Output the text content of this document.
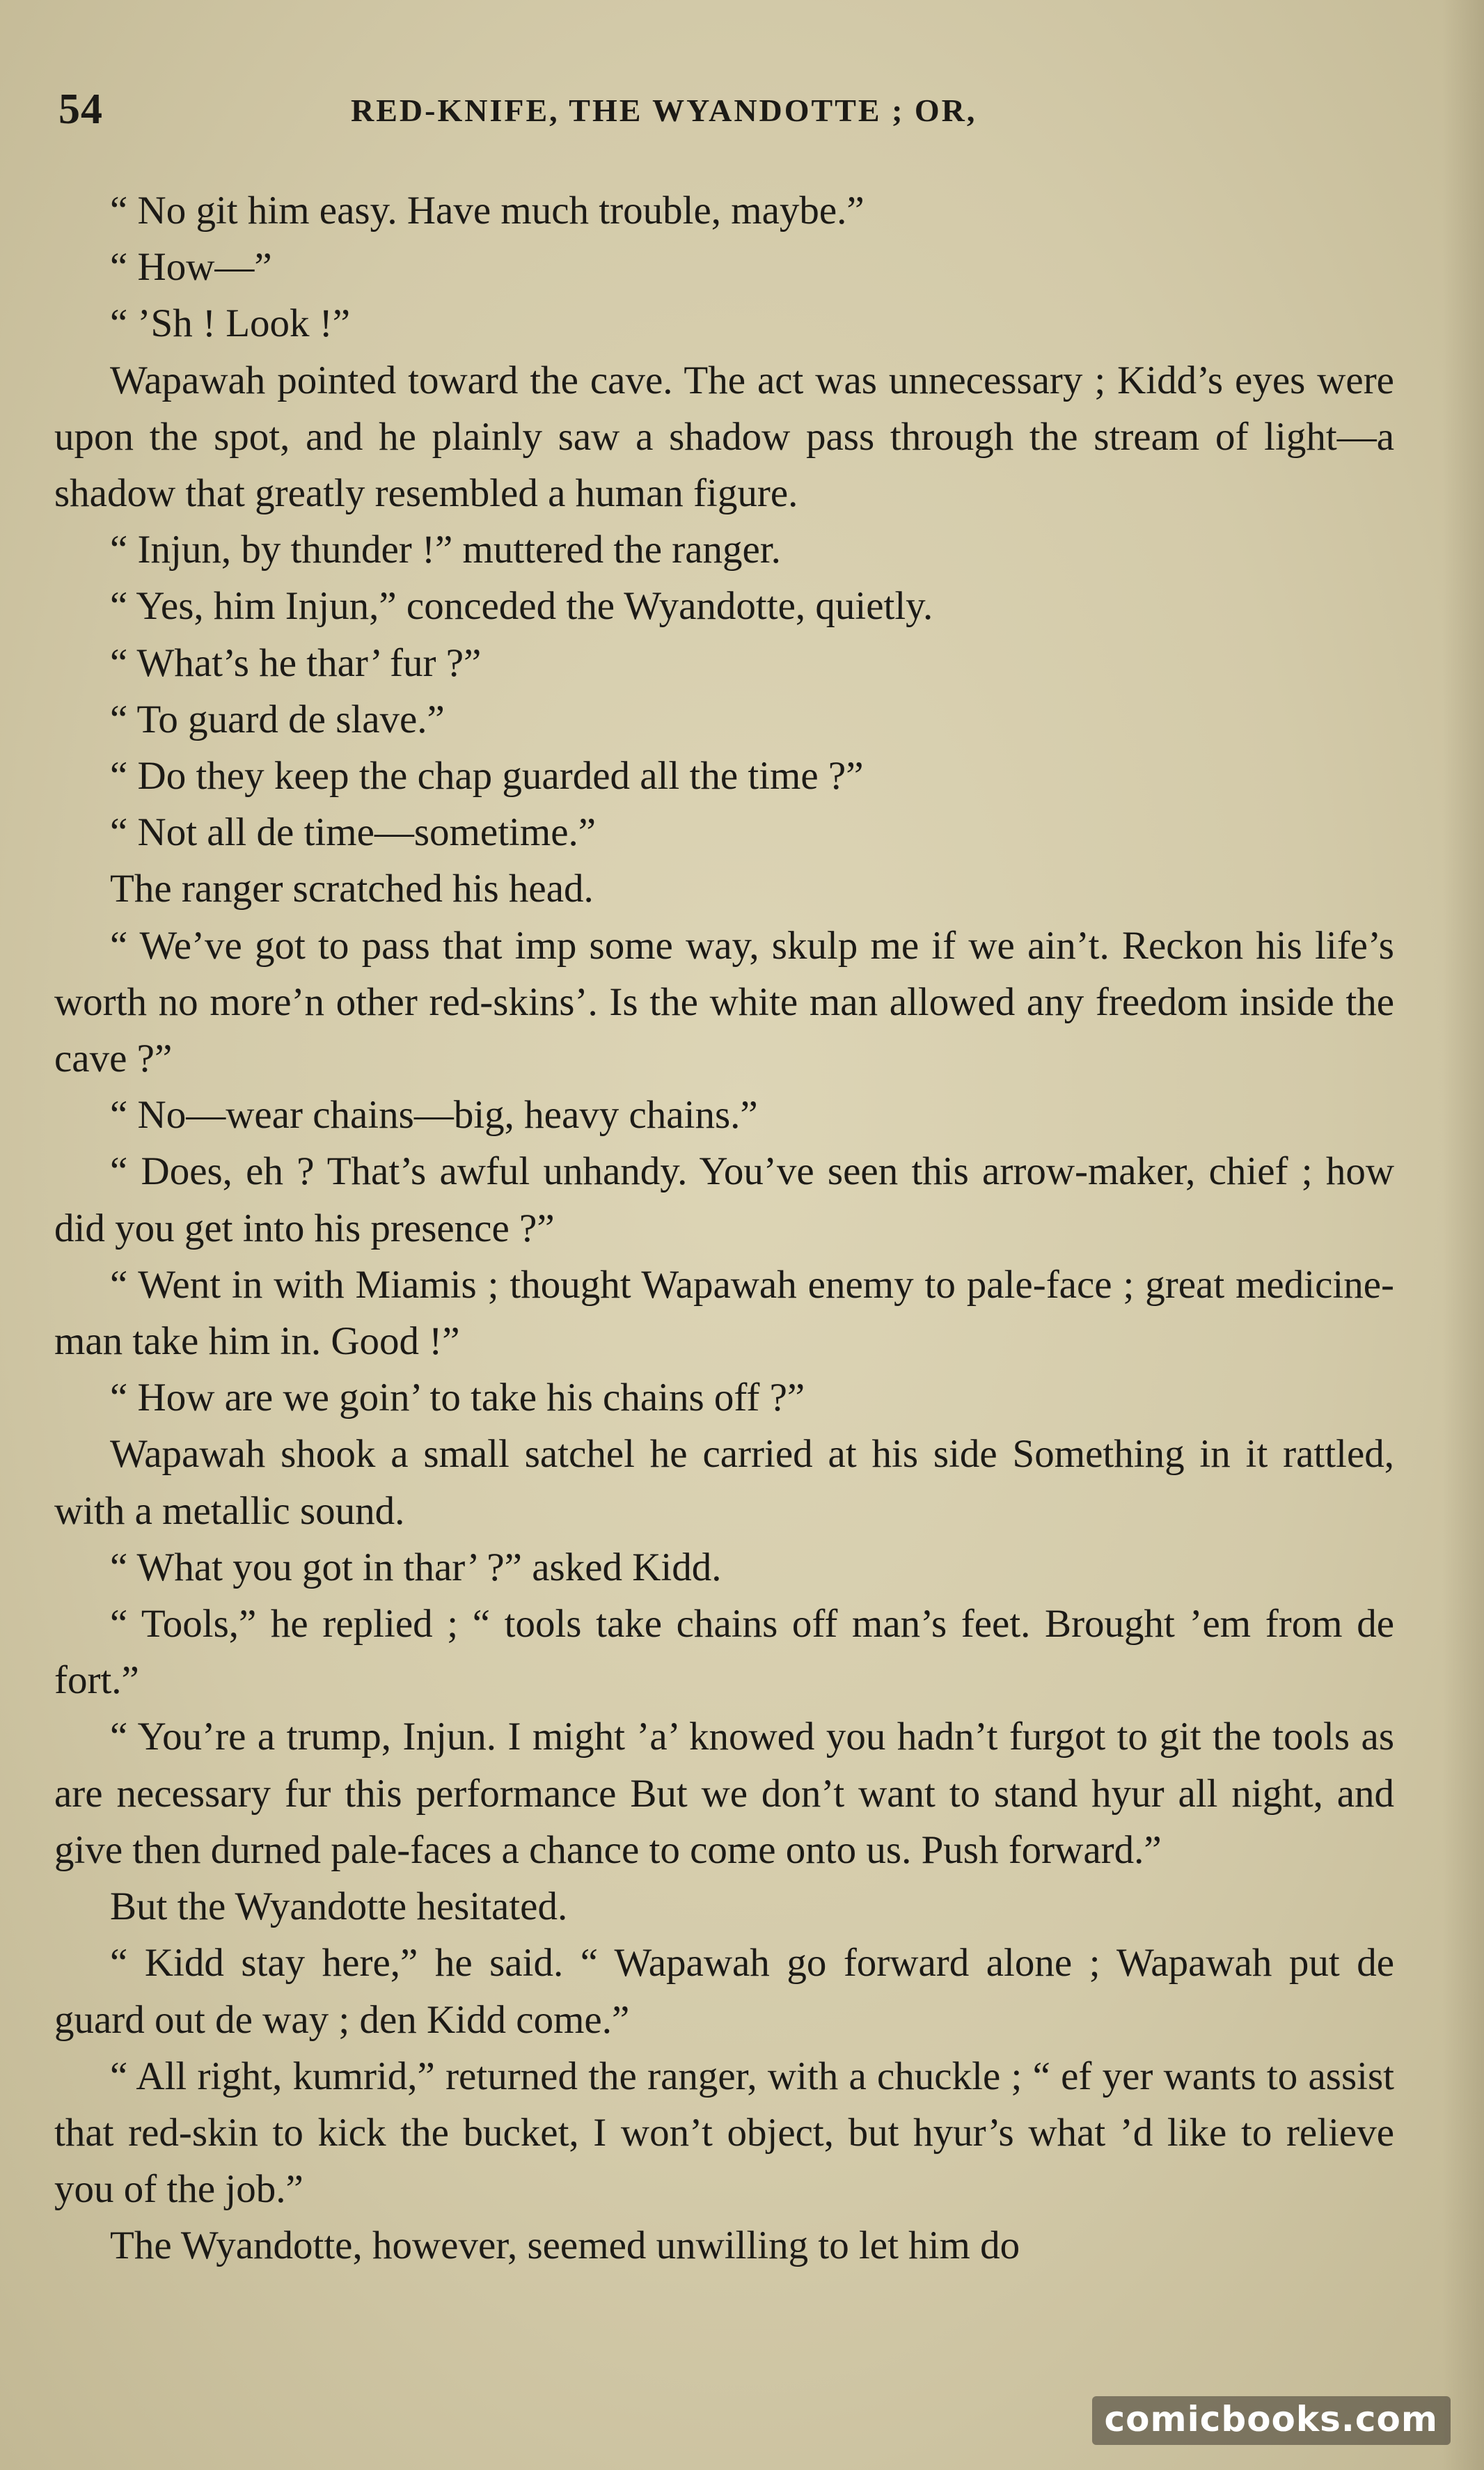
54	RED-KNIFE, THE WYANDOTTE ; OR,

“ No git him easy. Have much trouble, maybe.”

“ How—”

“ ’Sh ! Look !”

Wapawah pointed toward the cave. The act was unnecessary ; Kidd’s eyes were upon the spot, and he plainly saw a shadow pass through the stream of light—a shadow that greatly resembled a human figure.

“ Injun, by thunder !” muttered the ranger.

“ Yes, him Injun,” conceded the Wyandotte, quietly.

“ What’s he thar’ fur ?”

“ To guard de slave.”

“ Do they keep the chap guarded all the time ?”

“ Not all de time—sometime.”

The ranger scratched his head.

“ We’ve got to pass that imp some way, skulp me if we ain’t. Reckon his life’s worth no more’n other red-skins’. Is the white man allowed any freedom inside the cave ?”

“ No—wear chains—big, heavy chains.”

“ Does, eh ? That’s awful unhandy. You’ve seen this arrow-maker, chief ; how did you get into his presence ?”

“ Went in with Miamis ; thought Wapawah enemy to pale-face ; great medicine-man take him in. Good !”

“ How are we goin’ to take his chains off ?”

Wapawah shook a small satchel he carried at his side Something in it rattled, with a metallic sound.

“ What you got in thar’ ?” asked Kidd.

“ Tools,” he replied ; “ tools take chains off man’s feet. Brought ’em from de fort.”

“ You’re a trump, Injun. I might ’a’ knowed you hadn’t furgot to git the tools as are necessary fur this performance But we don’t want to stand hyur all night, and give then durned pale-faces a chance to come onto us. Push forward.”

But the Wyandotte hesitated.

“ Kidd stay here,” he said. “ Wapawah go forward alone ; Wapawah put de guard out de way ; den Kidd come.”

“ All right, kumrid,” returned the ranger, with a chuckle ; “ ef yer wants to assist that red-skin to kick the bucket, I won’t object, but hyur’s what ’d like to relieve you of the job.”

The Wyandotte, however, seemed unwilling to let him do

comicbooks.com
